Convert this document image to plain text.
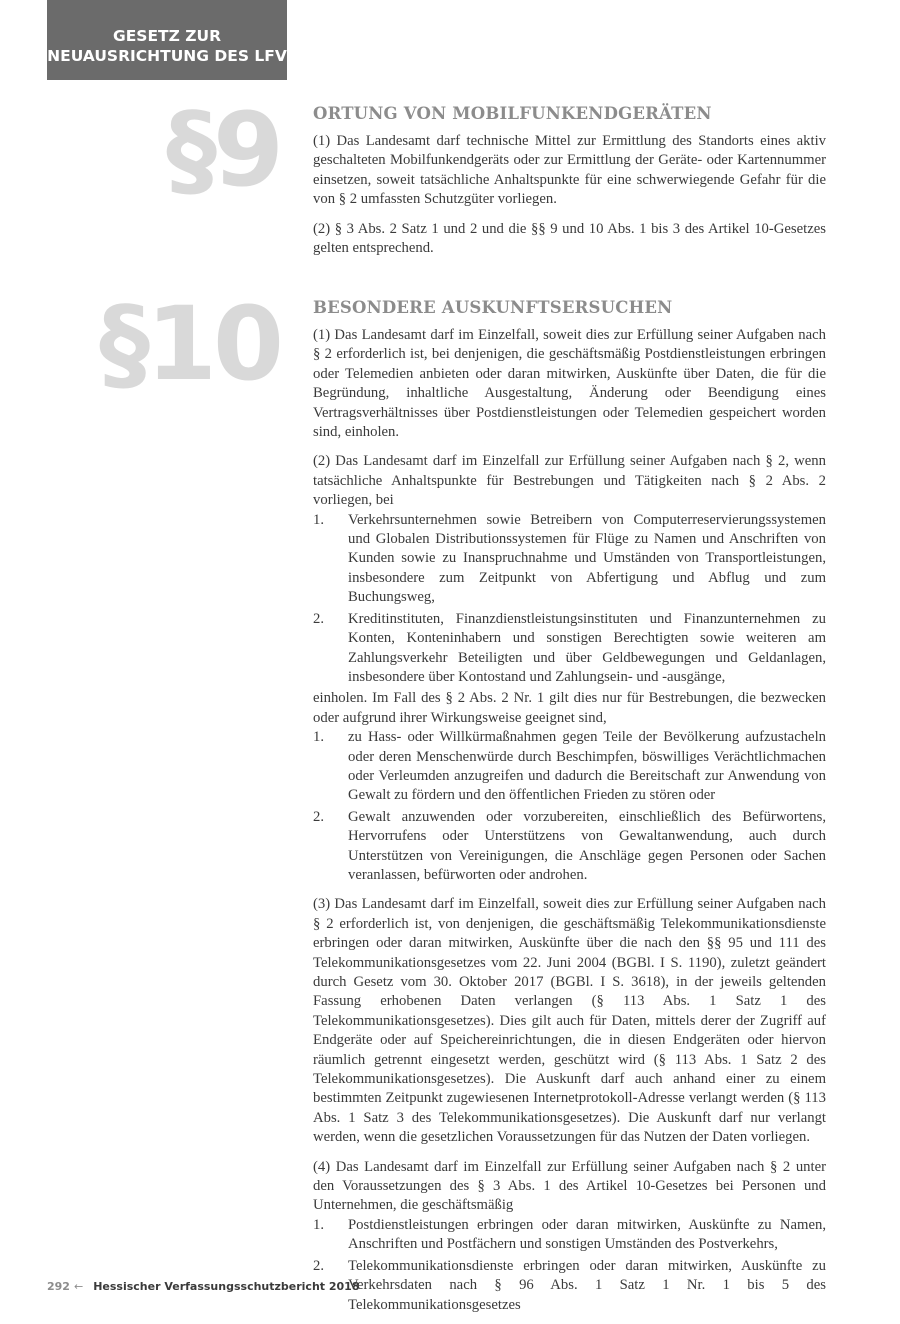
GESETZ ZUR
NEUAUSRICHTUNG DES LFV
§9
§10
ORTUNG VON MOBILFUNKENDGERÄTEN

(1) Das Landesamt darf technische Mittel zur Ermittlung des Standorts eines aktiv geschalteten Mobilfunkendgeräts oder zur Ermittlung der Geräte- oder Kartennummer einsetzen, soweit tatsächliche Anhaltspunkte für eine schwerwiegende Gefahr für die von § 2 umfassten Schutzgüter vorliegen.

(2) § 3 Abs. 2 Satz 1 und 2 und die §§ 9 und 10 Abs. 1 bis 3 des Artikel 10-Gesetzes gelten entsprechend.

BESONDERE AUSKUNFTSERSUCHEN

(1) Das Landesamt darf im Einzelfall, soweit dies zur Erfüllung seiner Aufgaben nach § 2 erforderlich ist, bei denjenigen, die geschäftsmäßig Postdienstleistungen erbringen oder Telemedien anbieten oder daran mitwirken, Auskünfte über Daten, die für die Begründung, inhaltliche Ausgestaltung, Änderung oder Beendigung eines Vertragsverhältnisses über Postdienstleistungen oder Telemedien gespeichert worden sind, einholen.

(2) Das Landesamt darf im Einzelfall zur Erfüllung seiner Aufgaben nach § 2, wenn tatsächliche Anhaltspunkte für Bestrebungen und Tätigkeiten nach § 2 Abs. 2 vorliegen, bei

1. Verkehrsunternehmen sowie Betreibern von Computerreservierungssystemen und Globalen Distributionssystemen für Flüge zu Namen und Anschriften von Kunden sowie zu Inanspruchnahme und Umständen von Transportleistungen, insbesondere zum Zeitpunkt von Abfertigung und Abflug und zum Buchungsweg,
2. Kreditinstituten, Finanzdienstleistungsinstituten und Finanzunternehmen zu Konten, Konteninhabern und sonstigen Berechtigten sowie weiteren am Zahlungsverkehr Beteiligten und über Geldbewegungen und Geldanlagen, insbesondere über Kontostand und Zahlungsein- und -ausgänge,

einholen. Im Fall des § 2 Abs. 2 Nr. 1 gilt dies nur für Bestrebungen, die bezwecken oder aufgrund ihrer Wirkungsweise geeignet sind,

1. zu Hass- oder Willkürmaßnahmen gegen Teile der Bevölkerung aufzustacheln oder deren Menschenwürde durch Beschimpfen, böswilliges Verächtlichmachen oder Verleumden anzugreifen und dadurch die Bereitschaft zur Anwendung von Gewalt zu fördern und den öffentlichen Frieden zu stören oder
2. Gewalt anzuwenden oder vorzubereiten, einschließlich des Befürwortens, Hervorrufens oder Unterstützens von Gewaltanwendung, auch durch Unterstützen von Vereinigungen, die Anschläge gegen Personen oder Sachen veranlassen, befürworten oder androhen.

(3) Das Landesamt darf im Einzelfall, soweit dies zur Erfüllung seiner Aufgaben nach § 2 erforderlich ist, von denjenigen, die geschäftsmäßig Telekommunikationsdienste erbringen oder daran mitwirken, Auskünfte über die nach den §§ 95 und 111 des Telekommunikationsgesetzes vom 22. Juni 2004 (BGBl. I S. 1190), zuletzt geändert durch Gesetz vom 30. Oktober 2017 (BGBl. I S. 3618), in der jeweils geltenden Fassung erhobenen Daten verlangen (§ 113 Abs. 1 Satz 1 des Telekommunikationsgesetzes). Dies gilt auch für Daten, mittels derer der Zugriff auf Endgeräte oder auf Speichereinrichtungen, die in diesen Endgeräten oder hiervon räumlich getrennt eingesetzt werden, geschützt wird (§ 113 Abs. 1 Satz 2 des Telekommunikationsgesetzes). Die Auskunft darf auch anhand einer zu einem bestimmten Zeitpunkt zugewiesenen Internetprotokoll-Adresse verlangt werden (§ 113 Abs. 1 Satz 3 des Telekommunikationsgesetzes). Die Auskunft darf nur verlangt werden, wenn die gesetzlichen Voraussetzungen für das Nutzen der Daten vorliegen.

(4) Das Landesamt darf im Einzelfall zur Erfüllung seiner Aufgaben nach § 2 unter den Voraussetzungen des § 3 Abs. 1 des Artikel 10-Gesetzes bei Personen und Unternehmen, die geschäftsmäßig

1. Postdienstleistungen erbringen oder daran mitwirken, Auskünfte zu Namen, Anschriften und Postfächern und sonstigen Umständen des Postverkehrs,
2. Telekommunikationsdienste erbringen oder daran mitwirken, Auskünfte zu Verkehrsdaten nach § 96 Abs. 1 Satz 1 Nr. 1 bis 5 des Telekommunikationsgesetzes
292 ← Hessischer Verfassungsschutzbericht 2018
